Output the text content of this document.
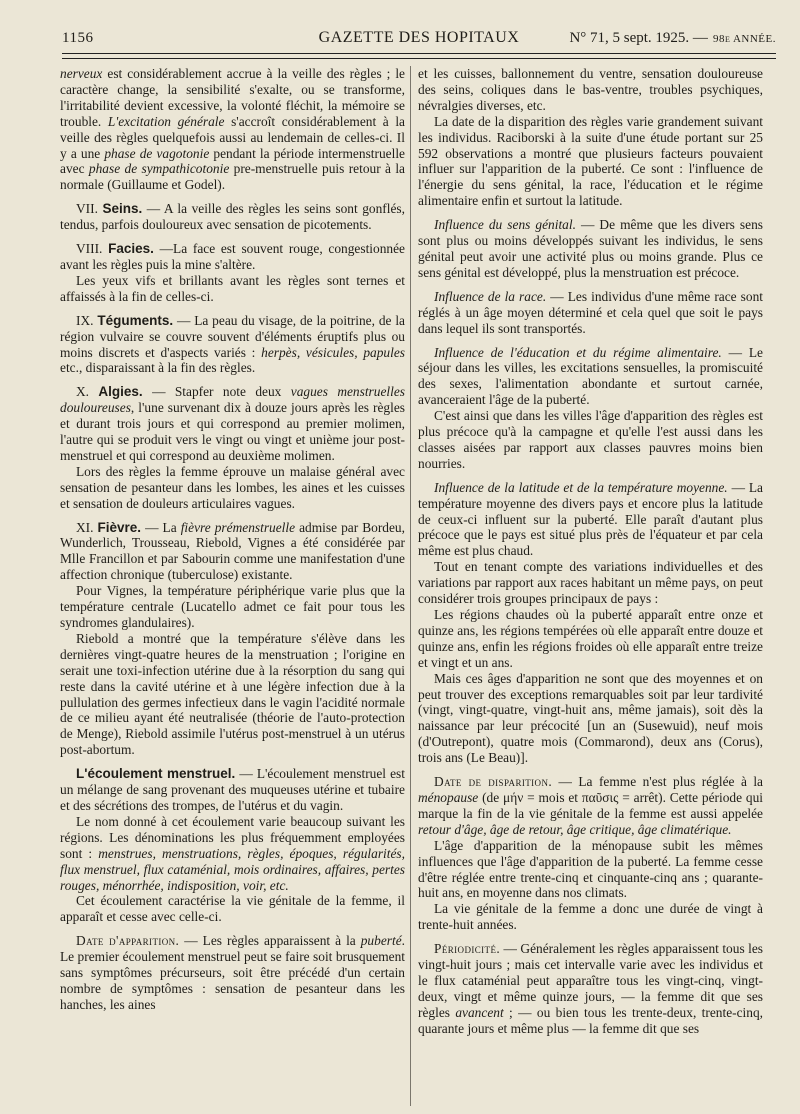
1156	GAZETTE DES HOPITAUX	N° 71, 5 sept. 1925. — 98e ANNÉE.

nerveux est considérablement accrue à la veille des règles ; le caractère change, la sensibilité s'exalte, ou se transforme, l'irritabilité devient excessive, la volonté fléchit, la mémoire se trouble. L'excitation générale s'accroît considérablement à la veille des règles quelquefois aussi au lendemain de celles-ci. Il y a une phase de vagotonie pendant la période intermenstruelle avec phase de sympathicotonie pre-menstruelle puis retour à la normale (Guillaume et Godel).

VII. Seins. — A la veille des règles les seins sont gonflés, tendus, parfois douloureux avec sensation de picotements.

VIII. Facies. —La face est souvent rouge, congestionnée avant les règles puis la mine s'altère.

Les yeux vifs et brillants avant les règles sont ternes et affaissés à la fin de celles-ci.

IX. Téguments. — La peau du visage, de la poitrine, de la région vulvaire se couvre souvent d'éléments éruptifs plus ou moins discrets et d'aspects variés : herpès, vésicules, papules etc., disparaissant à la fin des règles.

X. Algies. — Stapfer note deux vagues menstruelles douloureuses, l'une survenant dix à douze jours après les règles et durant trois jours et qui correspond au premier molimen, l'autre qui se produit vers le vingt ou vingt et unième jour post-menstruel et qui correspond au deuxième molimen.

Lors des règles la femme éprouve un malaise général avec sensation de pesanteur dans les lombes, les aines et les cuisses et sensation de douleurs articulaires vagues.

XI. Fièvre. — La fièvre prémenstruelle admise par Bordeu, Wunderlich, Trousseau, Riebold, Vignes a été considérée par Mlle Francillon et par Sabourin comme une manifestation d'une affection chronique (tuberculose) existante.

Pour Vignes, la température périphérique varie plus que la température centrale (Lucatello admet ce fait pour tous les syndromes glandulaires).

Riebold a montré que la température s'élève dans les dernières vingt-quatre heures de la menstruation ; l'origine en serait une toxi-infection utérine due à la résorption du sang qui reste dans la cavité utérine et à une légère infection due à la pullulation des germes infectieux dans le vagin l'acidité normale de ce milieu ayant été neutralisée (théorie de l'auto-protection de Menge), Riebold assimile l'utérus post-menstruel à un utérus post-abortum.

L'écoulement menstruel. — L'écoulement menstruel est un mélange de sang provenant des muqueuses utérine et tubaire et des sécrétions des trompes, de l'utérus et du vagin.

Le nom donné à cet écoulement varie beaucoup suivant les régions. Les dénominations les plus fréquemment employées sont : menstrues, menstruations, règles, époques, régularités, flux menstruel, flux cataménial, mois ordinaires, affaires, pertes rouges, ménorrhée, indisposition, voir, etc.

Cet écoulement caractérise la vie génitale de la femme, il apparaît et cesse avec celle-ci.

Date d'apparition. — Les règles apparaissent à la puberté. Le premier écoulement menstruel peut se faire soit brusquement sans symptômes précurseurs, soit être précédé d'un certain nombre de symptômes : sensation de pesanteur dans les hanches, les aines

et les cuisses, ballonnement du ventre, sensation douloureuse des seins, coliques dans le bas-ventre, troubles psychiques, névralgies diverses, etc.

La date de la disparition des règles varie grandement suivant les individus. Raciborski à la suite d'une étude portant sur 25 592 observations a montré que plusieurs facteurs pouvaient influer sur l'apparition de la puberté. Ce sont : l'influence de l'énergie du sens génital, la race, l'éducation et le régime alimentaire enfin et surtout la latitude.

Influence du sens génital. — De même que les divers sens sont plus ou moins développés suivant les individus, le sens génital peut avoir une activité plus ou moins grande. Plus ce sens génital est développé, plus la menstruation est précoce.

Influence de la race. — Les individus d'une même race sont réglés à un âge moyen déterminé et cela quel que soit le pays dans lequel ils sont transportés.

Influence de l'éducation et du régime alimentaire. — Le séjour dans les villes, les excitations sensuelles, la promiscuité des sexes, l'alimentation abondante et surtout carnée, avanceraient l'âge de la puberté.

C'est ainsi que dans les villes l'âge d'apparition des règles est plus précoce qu'à la campagne et qu'elle l'est aussi dans les classes aisées par rapport aux classes pauvres moins bien nourries.

Influence de la latitude et de la température moyenne. — La température moyenne des divers pays et encore plus la latitude de ceux-ci influent sur la puberté. Elle paraît d'autant plus précoce que le pays est situé plus près de l'équateur et par cela même est plus chaud.

Tout en tenant compte des variations individuelles et des variations par rapport aux races habitant un même pays, on peut considérer trois groupes principaux de pays :

Les régions chaudes où la puberté apparaît entre onze et quinze ans, les régions tempérées où elle apparaît entre douze et quinze ans, enfin les régions froides où elle apparaît entre treize et vingt et un ans.

Mais ces âges d'apparition ne sont que des moyennes et on peut trouver des exceptions remarquables soit par leur tardivité (vingt, vingt-quatre, vingt-huit ans, même jamais), soit dès la naissance par leur précocité [un an (Susewuid), neuf mois (d'Outrepont), quatre mois (Commarond), deux ans (Corus), trois ans (Le Beau)].

Date de disparition. — La femme n'est plus réglée à la ménopause (de μήν = mois et παῦσις = arrêt). Cette période qui marque la fin de la vie génitale de la femme est aussi appelée retour d'âge, âge de retour, âge critique, âge climatérique.

L'âge d'apparition de la ménopause subit les mêmes influences que l'âge d'apparition de la puberté. La femme cesse d'être réglée entre trente-cinq et cinquante-cinq ans ; quarante-huit ans, en moyenne dans nos climats.

La vie génitale de la femme a donc une durée de vingt à trente-huit années.

Périodicité. — Généralement les règles apparaissent tous les vingt-huit jours ; mais cet intervalle varie avec les individus et le flux cataménial peut apparaître tous les vingt-cinq, vingt-deux, vingt et même quinze jours, — la femme dit que ses règles avancent ; — ou bien tous les trente-deux, trente-cinq, quarante jours et même plus — la femme dit que ses
